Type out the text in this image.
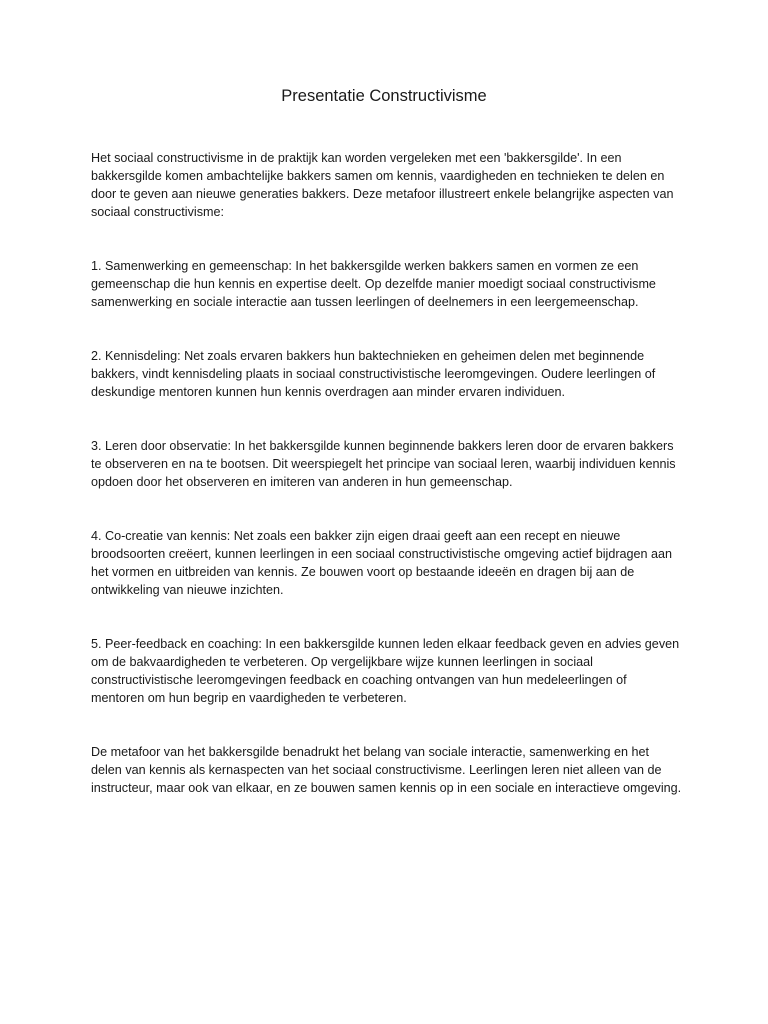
Presentatie Constructivisme

Het sociaal constructivisme in de praktijk kan worden vergeleken met een 'bakkersgilde'. In een bakkersgilde komen ambachtelijke bakkers samen om kennis, vaardigheden en technieken te delen en door te geven aan nieuwe generaties bakkers. Deze metafoor illustreert enkele belangrijke aspecten van sociaal constructivisme:

1. Samenwerking en gemeenschap: In het bakkersgilde werken bakkers samen en vormen ze een gemeenschap die hun kennis en expertise deelt. Op dezelfde manier moedigt sociaal constructivisme samenwerking en sociale interactie aan tussen leerlingen of deelnemers in een leergemeenschap.

2. Kennisdeling: Net zoals ervaren bakkers hun baktechnieken en geheimen delen met beginnende bakkers, vindt kennisdeling plaats in sociaal constructivistische leeromgevingen. Oudere leerlingen of deskundige mentoren kunnen hun kennis overdragen aan minder ervaren individuen.

3. Leren door observatie: In het bakkersgilde kunnen beginnende bakkers leren door de ervaren bakkers te observeren en na te bootsen. Dit weerspiegelt het principe van sociaal leren, waarbij individuen kennis opdoen door het observeren en imiteren van anderen in hun gemeenschap.

4. Co-creatie van kennis: Net zoals een bakker zijn eigen draai geeft aan een recept en nieuwe broodsoorten creëert, kunnen leerlingen in een sociaal constructivistische omgeving actief bijdragen aan het vormen en uitbreiden van kennis. Ze bouwen voort op bestaande ideeën en dragen bij aan de ontwikkeling van nieuwe inzichten.

5. Peer-feedback en coaching: In een bakkersgilde kunnen leden elkaar feedback geven en advies geven om de bakvaardigheden te verbeteren. Op vergelijkbare wijze kunnen leerlingen in sociaal constructivistische leeromgevingen feedback en coaching ontvangen van hun medeleerlingen of mentoren om hun begrip en vaardigheden te verbeteren.

De metafoor van het bakkersgilde benadrukt het belang van sociale interactie, samenwerking en het delen van kennis als kernaspecten van het sociaal constructivisme. Leerlingen leren niet alleen van de instructeur, maar ook van elkaar, en ze bouwen samen kennis op in een sociale en interactieve omgeving.
